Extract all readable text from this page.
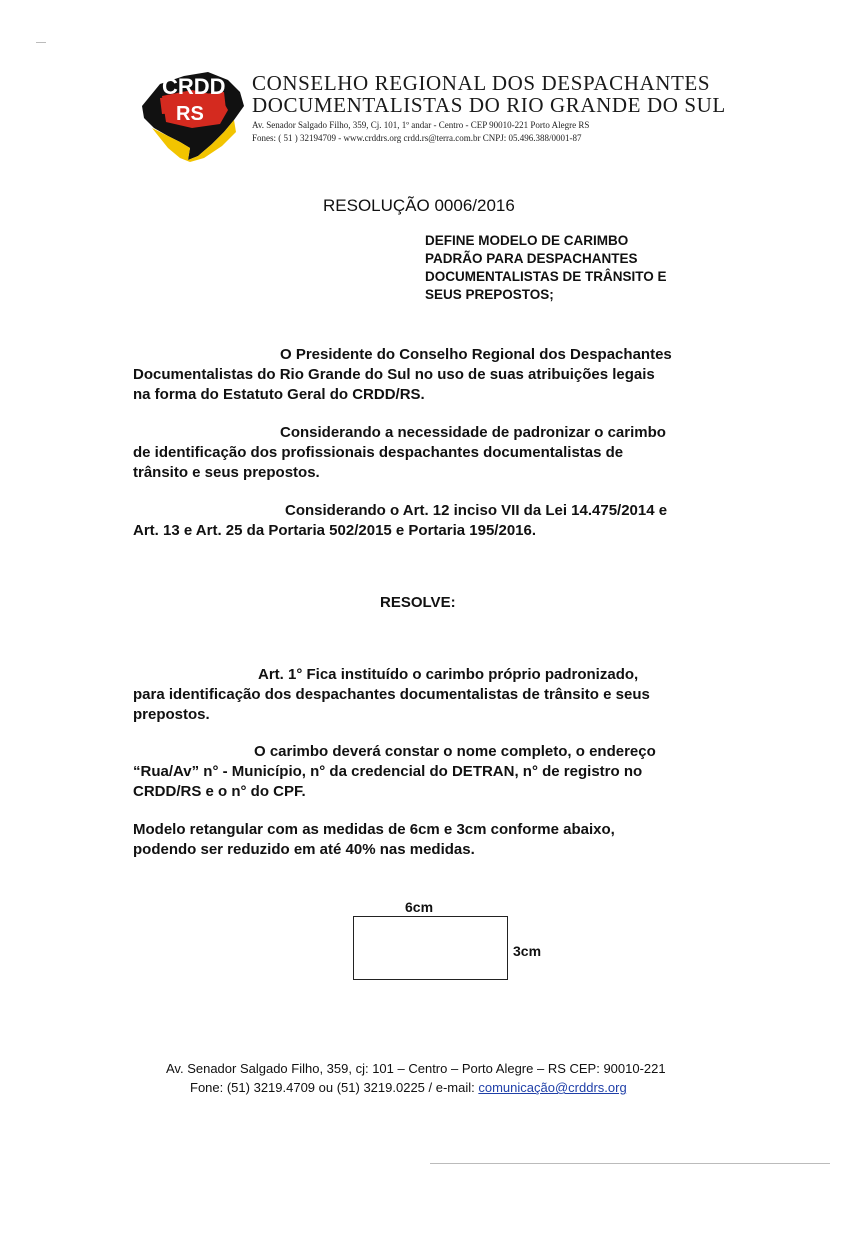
CRDD
RS
CONSELHO REGIONAL DOS DESPACHANTES
DOCUMENTALISTAS DO RIO GRANDE DO SUL
Av. Senador Salgado Filho, 359, Cj. 101, 1º andar - Centro - CEP 90010-221 Porto Alegre RS
Fones: ( 51 ) 32194709 - www.crddrs.org crdd.rs@terra.com.br CNPJ: 05.496.388/0001-87
RESOLUÇÃO 0006/2016
DEFINE MODELO DE CARIMBO
PADRÃO PARA DESPACHANTES
DOCUMENTALISTAS DE TRÂNSITO E
SEUS PREPOSTOS;
O Presidente do Conselho Regional dos Despachantes
Documentalistas do Rio Grande do Sul no uso de suas atribuições legais
na forma do Estatuto Geral do CRDD/RS.
Considerando a necessidade de padronizar o carimbo
de identificação dos profissionais despachantes documentalistas de
trânsito e seus prepostos.
Considerando o Art. 12 inciso VII da Lei 14.475/2014 e
Art. 13 e Art. 25 da Portaria 502/2015 e Portaria 195/2016.
RESOLVE:
Art. 1° Fica instituído o carimbo próprio padronizado,
para identificação dos despachantes documentalistas de trânsito e seus
prepostos.
O carimbo deverá constar o nome completo, o endereço
“Rua/Av” n° - Município, n° da credencial do DETRAN, n° de registro no
CRDD/RS e o n° do CPF.
Modelo retangular com as medidas de 6cm e 3cm conforme abaixo,
podendo ser reduzido em até 40% nas medidas.
6cm
3cm
Av. Senador Salgado Filho, 359, cj: 101 – Centro – Porto Alegre – RS CEP: 90010-221
Fone: (51) 3219.4709 ou (51) 3219.0225 / e-mail: comunicação@crddrs.org
